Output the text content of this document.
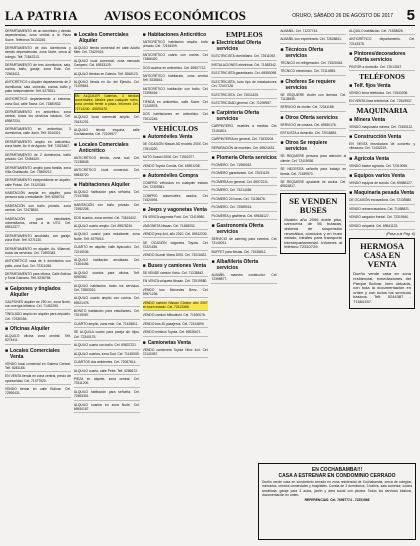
LA PATRIA	AVISOS ECONÓMICOS	ORURO, SÁBADO 26 DE AGOSTO DE 2017 5
DEPARTAMENTO de un dormitorio y demás dependencias, zona central a la Plaza Sucre. Teléfonos 76133245.
DEPARTAMENTO de dos dormitorios y demás dependencias, zona Norte, cerca al colegio. Telf. 71842213.
DEPARTAMENTO de tres dormitorios, sala, cocina, baño, garaje, zona Este. Cel. 72563411.
ANTICRÉTICO o Alquiler departamento de 2 dormitorios, sala, comedor, cocina, baño y patio independiente. Telf. 5275511.
ANTICRÉTICO departamento a estrenar, zona Sud, calle Tacna. Cel. 71880932.
DEPARTAMENTO en anticrético, zona central, todos los servicios básicos. Cel. 69587234.
DEPARTAMENTO en anticrético, 3 dormitorios, calle Junín. Telf. 5244321.
DEPARTAMENTO amplio en anticrético, zona Norte, Av. 6 de Agosto. Telf. 71523467.
DEPARTAMENTO de 2 dormitorios, baño privado. Cel. 72456120.
DEPARTAMENTO amplio para familia, zona Villa Challacollo. Cel. 73809212.
DEPARTAMENTO independiente en alquiler, calle Potosí. Cel. 74120345.
HABITACIÓN amplia en alquiler, para persona sola o estudiante. Telf. 5256721.
HABITACIÓN con baño privado, zona central. Cel. 72478810.
HABITACIÓN para estudiantes universitarios, cerca a la UTO. Cel. 69512377.
DEPARTAMENTO amoblado, con garaje, zona Este. Telf. 5271130.
DEPARTAMENTO en alquiler, Av. Villarroel, todos los servicios. Cel. 71893345.
ANTICRÉTICO casa de 4 dormitorios con patio, zona Sud. Cel. 72311098.
DEPARTAMENTO para oficina, Calle Bolívar y Soria Galvarro. Telf. 5236789.
■ Galpones y tinglados Alquiler
GALPONES alquiler de 250 m², zona Norte, con energía trifásica. Cel. 71452290.
TINGLADO amplio en alquiler para depósito. Cel. 72330156.
■ Oficinas Alquiler
ALQUILO oficina zona central. Telf. 5274411.
■ Locales Comerciales Venta
VENDO local comercial en Galería Central. Telf. 5281166.
EN VENTA tienda en zona central, precio de oportunidad. Cel. 71477920.
VENDO tienda en calle Bolívar. Cel. 72590431.
■ Locales Comerciales Alquiler
ALQUILO tienda comercial en calle Adolfo Mier. Cel. 73420015.
ALQUILO local comercial, zona mercado Campero. Cel. 69533129.
ALQUILO tiendas en Galería. Telf. 5268123.
ALQUILO tienda en Av. del Ejército. Cel. 71109843.
EN ALQUILER Galerías, 3 tiendas comerciales, ideales para cualquier rubro, zona central frente a plaza. Informes Cel. 72714240 - 69593476.
ALQUILO local comercial amplio. Cel. 76431201.
ALQUILO tienda esquina, calle Cochabamba. Cel. 72105577.
■ Locales Comerciales Anticrético
ANTICRÉTICO tienda, zona sud. Cel. 71238845.
ANTICRÉTICO local comercial. Cel. 69845720.
■ Habitaciones Alquiler
ALQUILO habitación para señorita. Cel. 72147856.
HABITACIÓN con baño privado. Cel. 71592208.
DOS cuartos, zona central. Cel. 73815402.
ALQUILO cuarto amplio. Cel. 69578210.
ALQUILO cuarto para estudiante, zona Norte. Telf. 5279015.
CUARTO en alquiler, calle Ayacucho. Cel. 72219036.
ALQUILO habitación amoblada. Cel. 71304456.
ALQUILO cuartos para oficina. Telf. 5250982.
ALQUILO habitación, todos los servicios. Cel. 72853310.
ALQUILO cuarto amplio con cocina. Cel. 69521478.
BONITO habitación para estudiantes. Cel. 73219087.
CUARTO amplio, zona este. Cel. 71428811.
SE ALQUILA cuarto para pareja sin hijos. Cel. 72340175.
ALQUILO cuarto con baño. Cel. 69837221.
ALQUILO cuartos, zona Sud. Cel. 71145009.
CUARTOS dos ambientes. Cel. 72087614.
ALQUILO cuarto, calle Petot. Telf. 5286673.
PIEZA en alquiler, zona central. Cel. 73311200.
ALQUILO habitación para señorita. Cel. 72563301.
ALQUILO cuartos en zona Norte. Cel. 69540187.
■ Habitaciones Anticrético
ANTICRÉTICO habitación amplia, baño privado. Cel. 72154309.
ANTICRÉTICO cuarto con cocina. Cel. 71866420.
DOS cuartos en anticrético. Cel. 69507712.
ANTICRÉTICO habitación, zona central. Telf. 5238841.
ANTICRÉTICO habitación con baño. Cel. 72398016.
TIENDA en anticrético, calle Sucre. Cel. 71245578.
DOS habitaciones en anticrético. Cel. 73012245.
VEHÍCULOS
■ Automóviles Venta
DE OCASIÓN Nissan AD modelo 2004. Cel. 72813220.
AUTO Suzuki 2008. Cel. 71902377.
VENDO Toyota Corolla. Cel. 69501238.
■ Automóviles Compra
COMPRO vehículos en cualquier estado. Cel. 72309981.
COMPRO automóviles usados. Cel. 71520094.
■ Jeeps y vagonetas Venta
EN VENTA vagoneta Ford. Cel. 72419980.
VAGONETA Nissan. Cel. 71458032.
VENDO jeep 4x4, año 2010. Cel. 69512230.
DE OCASIÓN vagoneta Toyota. Cel. 72221156.
VENDO Suzuki Vitara 2005. Cel. 73018422.
■ Buses y camiones Venta
SE VENDE camión Volvo. Cel. 71238842.
EN VENTA volqueta Nissan. Cel. 72519980.
VENDO bus Mercedes Benz. Cel. 69571236.
VENDO camión Nissan Cóndor año 2007, en buen estado. Cel. 72413368.
VENDO camión Mitsubishi. Cel. 71530076.
VENDO bus 40 pasajeros. Cel. 72144890.
VENDO minibús Toyota. Cel. 69526671.
■ Camionetas Venta
VENDO camioneta Toyota Hilux 4x4. Cel. 72140087.
EMPLEOS
■ Electricidad Oferta servicios
ELECTRICISTA domiciliario. Cel. 72611092.
INSTALACIONES eléctricas. Cel. 71583342.
ELECTRICISTA garantizado. Cel. 69550098.
ELECTRICISTA, todo tipo de instalaciones. Cel. 72447128.
ELECTRICISTA. Cel. 73011425.
ELECTRICIDAD general. Cel. 71209957.
■ Carpintería Oferta servicios
CARPINTERO, muebles a medida. Cel. 72154301.
CARPINTERÍA en general. Cel. 71833204.
REPARACIÓN de muebles. Cel. 69524431.
■ Plomería Oferta servicios
PLOMERO. Cel. 71580042.
PLOMERO garantizado. Cel. 72031129.
PLOMERÍA en general. Cel. 69572211.
PLOMERO. Cel. 73214456.
PLOMERO 24 horas. Cel. 71126678.
PLOMERO. Cel. 72589014.
PLOMERÍA y gasfitería. Cel. 69538127.
■ Gastronomía Oferta servicios
SERVICIO de catering para eventos. Cel. 72140031.
BUFFET para fiestas. Cel. 71538812.
■ Albañilería Oferta servicios
ALBAÑIL maestro constructor. Cel. 72398877.
ALBAÑIL. Cel. 71237744.
ALBAÑIL con experiencia. Cel. 72608841.
■ Técnicos Oferta servicios
TÉCNICO en refrigeración. Cel. 71520043.
TÉCNICO electrónico. Cel. 72114985.
■ Choferes Se requiere servicios
SE REQUIERE chofer con licencia. Cel. 71128839.
SERVICIO de chofer. Cel. 72341188.
■ Otros Oferta servicios
SERVICIO de costura. Cel. 69530176.
ESTILISTA a domicilio. Cel. 72018853.
■ Otros Se requiere servicios
SE REQUIERE persona para atención al cliente. Cel. 72419936.
SE NECESITA señorita para trabajo en tienda. Cel. 71539970.
SE REQUIERE ayudante de cocina. Cel. 69524817.
SE VENDEN BUSES
Modelo año 2006 doble piso, carrocería de 56 butacas, sistema de suspensión neumática, cómodos y en buen estado, ideales para transporte interdepartamental. Informes al teléfono 72310729.
ALQUILO habitación. Cel. 71528826.
ANTICRÉTICO departamento. Cel. 72143378.
■ Pintores/decoradores Oferta servicios
PINTOR a domicilio. Cel. 72013347.
TELÉFONOS
■ Telf. fijos Venta
VENDO línea telefónica. Cel. 71543208.
EN VENTA línea telefónica. Cel. 72619937.
MAQUINARIA
■ Minera Venta
VENDO maquinaria minera. Cel. 72450112.
■ Construcción Venta
EN VENTA mezcladora de concreto y vibradora. Cel. 71432219.
■ Agrícola Venta
VENDO tractor agrícola. Cel. 72310096.
■ Equipos varios Venta
VENDO equipos de sonido. Cel. 69588127.
■ Maquinaria pesada Venta
DE OCASIÓN excavadora. Cel. 72135580.
VENDO retroexcavadora. Cel. 71458821.
VENDO cargador frontal. Cel. 72319940.
VENDO volqueta. Cel. 69541123.
(Pasa a la Pág. 6)
HERMOSA CASA EN VENTA
Dueño vende casa en zona residencial, inmediaciones del Parque Bolívar, bien ubicada, con toda la documentación en orden y con todos los servicios básicos. Telf. 5244387 - 71564157.
EN COCHABAMBA!!!
CASA A ESTRENAR EN CONDOMINIO CERRADO
Dueño vende casa en condominio cerrado en zona residencial de Cochabamba, cerca de colegios, mercados, centros comerciales y hospitales. Consta de 3 dormitorios, 3 baños, sala comedor, cocina amoblada, garaje para 2 autos, jardín y área social con piscina. Todos los servicios básicos, documentación en orden.
REFERENCIAS: Cel. 76967774 - 72251566
